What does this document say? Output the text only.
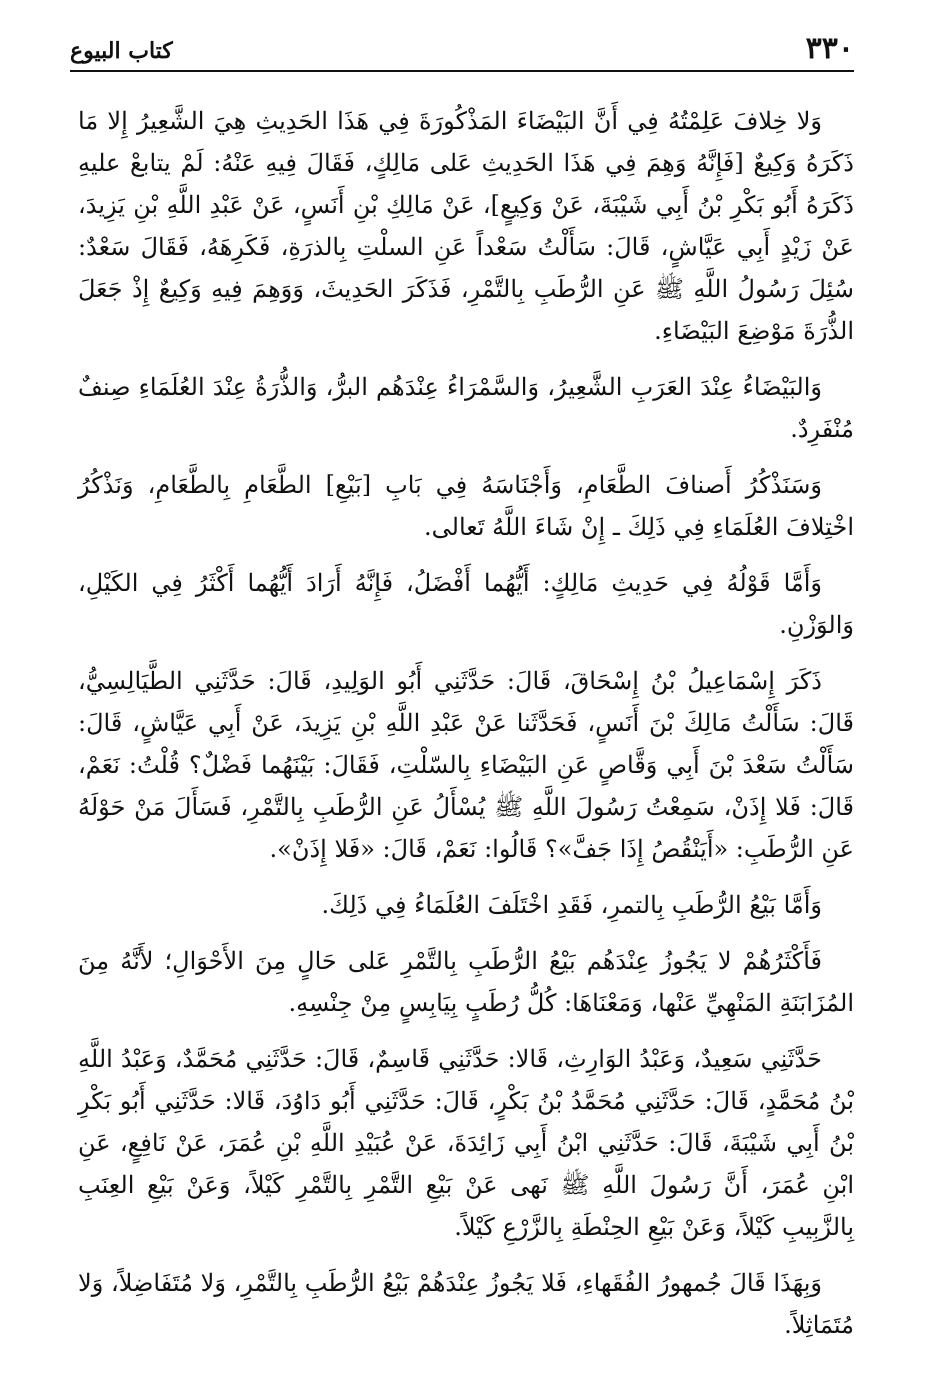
٣٣٠
كتاب البيوع

وَلا خِلافَ عَلِمْتُهُ فِي أَنَّ البَيْضَاءَ المَذْكُورَةَ فِي هَذَا الحَدِيثِ هِيَ الشَّعِيرُ إِلا مَا ذَكَرَهُ وَكِيعٌ [فَإِنَّهُ وَهِمَ فِي هَذَا الحَدِيثِ عَلى مَالِكٍ، فَقَالَ فِيهِ عَنْهُ: لَمْ يتابعْ عليهِ ذَكَرَهُ أَبُو بَكْرِ بْنُ أَبِي شَيْبَةَ، عَنْ وَكِيعٍ]، عَنْ مَالِكِ بْنِ أَنَسٍ، عَنْ عَبْدِ اللَّهِ بْنِ يَزِيدَ، عَنْ زَيْدٍ أَبِي عَيَّاشٍ، قَالَ: سَأَلْتُ سَعْداً عَنِ السلْتِ بِالذرَةِ، فَكَرِهَهُ، فَقَالَ سَعْدٌ: سُئِلَ رَسُولُ اللَّهِ ﷺ عَنِ الرُّطَبِ بِالتَّمْرِ، فَذَكَرَ الحَدِيثَ، وَوَهِمَ فِيهِ وَكِيعٌ إِذْ جَعَلَ الذُّرَةَ مَوْضِعَ البَيْضَاءِ.

وَالبَيْضَاءُ عِنْدَ العَرَبِ الشَّعِيرُ، وَالسَّمْرَاءُ عِنْدَهُم البرُّ، وَالذُّرَةُ عِنْدَ العُلَمَاءِ صِنفٌ مُنْفَرِدٌ.

وَسَنَذْكُرُ أَصنافَ الطَّعَامِ، وَأَجْنَاسَهُ فِي بَابِ [بَيْعِ] الطَّعَامِ بِالطَّعَامِ، وَنَذْكُرُ اخْتِلافَ العُلَمَاءِ فِي ذَلِكَ ـ إِنْ شَاءَ اللَّهُ تَعالى.

وَأَمَّا قَوْلُهُ فِي حَدِيثِ مَالِكٍ: أَيُّهُما أَفْضَلُ، فَإِنَّهُ أَرَادَ أَيُّهُما أَكْثَرُ فِي الكَيْلِ، وَالوَزْنِ.

ذَكَرَ إِسْمَاعِيلُ بْنُ إِسْحَاقَ، قَالَ: حَدَّثَنِي أَبُو الوَلِيدِ، قَالَ: حَدَّثَنِي الطَّيَالِسِيُّ، قَالَ: سَأَلْتُ مَالِكَ بْنَ أَنَسٍ، فَحَدَّثَنا عَنْ عَبْدِ اللَّهِ بْنِ يَزِيدَ، عَنْ أَبِي عَيَّاشٍ، قَالَ: سَأَلْتُ سَعْدَ بْنَ أَبِي وَقَّاصٍ عَنِ البَيْضَاءِ بِالسّلْتِ، فَقَالَ: بَيْنَهُما فَضْلٌ؟ قُلْتُ: نَعَمْ، قَالَ: فَلا إِذَنْ، سَمِعْتُ رَسُولَ اللَّهِ ﷺ يُسْأَلُ عَنِ الرُّطَبِ بِالتَّمْرِ، فَسَأَلَ مَنْ حَوْلَهُ عَنِ الرُّطَبِ: «أَيَنْقُصُ إِذَا جَفَّ»؟ قَالُوا: نَعَمْ، قَالَ: «فَلا إِذَنْ».

وَأَمَّا بَيْعُ الرُّطَبِ بِالتمرِ، فَقَدِ اخْتَلَفَ العُلَمَاءُ فِي ذَلِكَ.

فَأَكْثَرُهُمْ لا يَجُوزُ عِنْدَهُم بَيْعُ الرُّطَبِ بِالتَّمْرِ عَلى حَالٍ مِنَ الأَحْوَالِ؛ لأَنَّهُ مِنَ المُزَابَنَةِ المَنْهِيِّ عَنْها، وَمَعْنَاهَا: كُلُّ رُطَبٍ بِيَابِسٍ مِنْ جِنْسِهِ.

حَدَّثَنِي سَعِيدٌ، وَعَبْدُ الوَارِثِ، قَالا: حَدَّثَنِي قَاسِمٌ، قَالَ: حَدَّثَنِي مُحَمَّدٌ، وَعَبْدُ اللَّهِ بْنُ مُحَمَّدٍ، قَالَ: حَدَّثَنِي مُحَمَّدُ بْنُ بَكْرٍ، قَالَ: حَدَّثَنِي أَبُو دَاوُدَ، قَالا: حَدَّثَنِي أَبُو بَكْرِ بْنُ أَبِي شَيْبَةَ، قَالَ: حَدَّثَنِي ابْنُ أَبِي زَائِدَةَ، عَنْ عُبَيْدِ اللَّهِ بْنِ عُمَرَ، عَنْ نَافِعٍ، عَنِ ابْنِ عُمَرَ، أَنَّ رَسُولَ اللَّهِ ﷺ نَهى عَنْ بَيْعِ التَّمْرِ بِالتَّمْرِ كَيْلاً، وَعَنْ بَيْعِ العِنَبِ بِالزَّبِيبِ كَيْلاً، وَعَنْ بَيْعِ الحِنْطَةِ بِالزَّرْعِ كَيْلاً.

وَبِهَذَا قَالَ جُمهورُ الفُقَهاءِ، فَلا يَجُوزُ عِنْدَهُمْ بَيْعُ الرُّطَبِ بِالتَّمْرِ، وَلا مُتَفَاضِلاً، وَلا مُتَمَاثِلاً.
